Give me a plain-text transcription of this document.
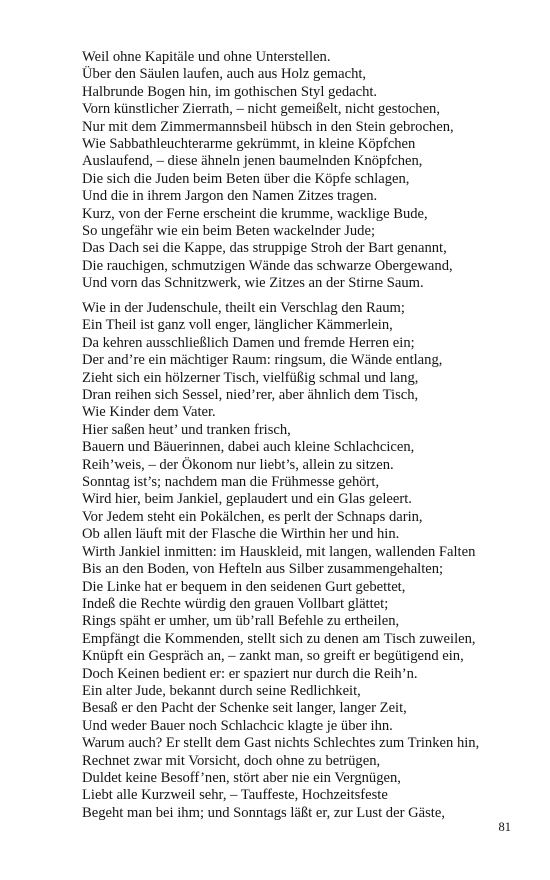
Weil ohne Kapitäle und ohne Unterstellen.
Über den Säulen laufen, auch aus Holz gemacht,
Halbrunde Bogen hin, im gothischen Styl gedacht.
Vorn künstlicher Zierrath, – nicht gemeißelt, nicht gestochen,
Nur mit dem Zimmermannsbeil hübsch in den Stein gebrochen,
Wie Sabbathleuchterarme gekrümmt, in kleine Köpfchen
Auslaufend, – diese ähneln jenen baumelnden Knöpfchen,
Die sich die Juden beim Beten über die Köpfe schlagen,
Und die in ihrem Jargon den Namen Zitzes tragen.
Kurz, von der Ferne erscheint die krumme, wacklige Bude,
So ungefähr wie ein beim Beten wackelnder Jude;
Das Dach sei die Kappe, das struppige Stroh der Bart genannt,
Die rauchigen, schmutzigen Wände das schwarze Obergewand,
Und vorn das Schnitzwerk, wie Zitzes an der Stirne Saum.
Wie in der Judenschule, theilt ein Verschlag den Raum;
Ein Theil ist ganz voll enger, länglicher Kämmerlein,
Da kehren ausschließlich Damen und fremde Herren ein;
Der and’re ein mächtiger Raum: ringsum, die Wände entlang,
Zieht sich ein hölzerner Tisch, vielfüßig schmal und lang,
Dran reihen sich Sessel, nied’rer, aber ähnlich dem Tisch,
Wie Kinder dem Vater.
Hier saßen heut’ und tranken frisch,
Bauern und Bäuerinnen, dabei auch kleine Schlachcicen,
Reih’weis, – der Ökonom nur liebt’s, allein zu sitzen.
Sonntag ist’s; nachdem man die Frühmesse gehört,
Wird hier, beim Jankiel, geplaudert und ein Glas geleert.
Vor Jedem steht ein Pokälchen, es perlt der Schnaps darin,
Ob allen läuft mit der Flasche die Wirthin her und hin.
Wirth Jankiel inmitten: im Hauskleid, mit langen, wallenden Falten
Bis an den Boden, von Hefteln aus Silber zusammengehalten;
Die Linke hat er bequem in den seidenen Gurt gebettet,
Indeß die Rechte würdig den grauen Vollbart glättet;
Rings späht er umher, um üb’rall Befehle zu ertheilen,
Empfängt die Kommenden, stellt sich zu denen am Tisch zuweilen,
Knüpft ein Gespräch an, – zankt man, so greift er begütigend ein,
Doch Keinen bedient er: er spaziert nur durch die Reih’n.
Ein alter Jude, bekannt durch seine Redlichkeit,
Besaß er den Pacht der Schenke seit langer, langer Zeit,
Und weder Bauer noch Schlachcic klagte je über ihn.
Warum auch? Er stellt dem Gast nichts Schlechtes zum Trinken hin,
Rechnet zwar mit Vorsicht, doch ohne zu betrügen,
Duldet keine Besoff’nen, stört aber nie ein Vergnügen,
Liebt alle Kurzweil sehr, – Tauffeste, Hochzeitsfeste
Begeht man bei ihm; und Sonntags läßt er, zur Lust der Gäste,
81
